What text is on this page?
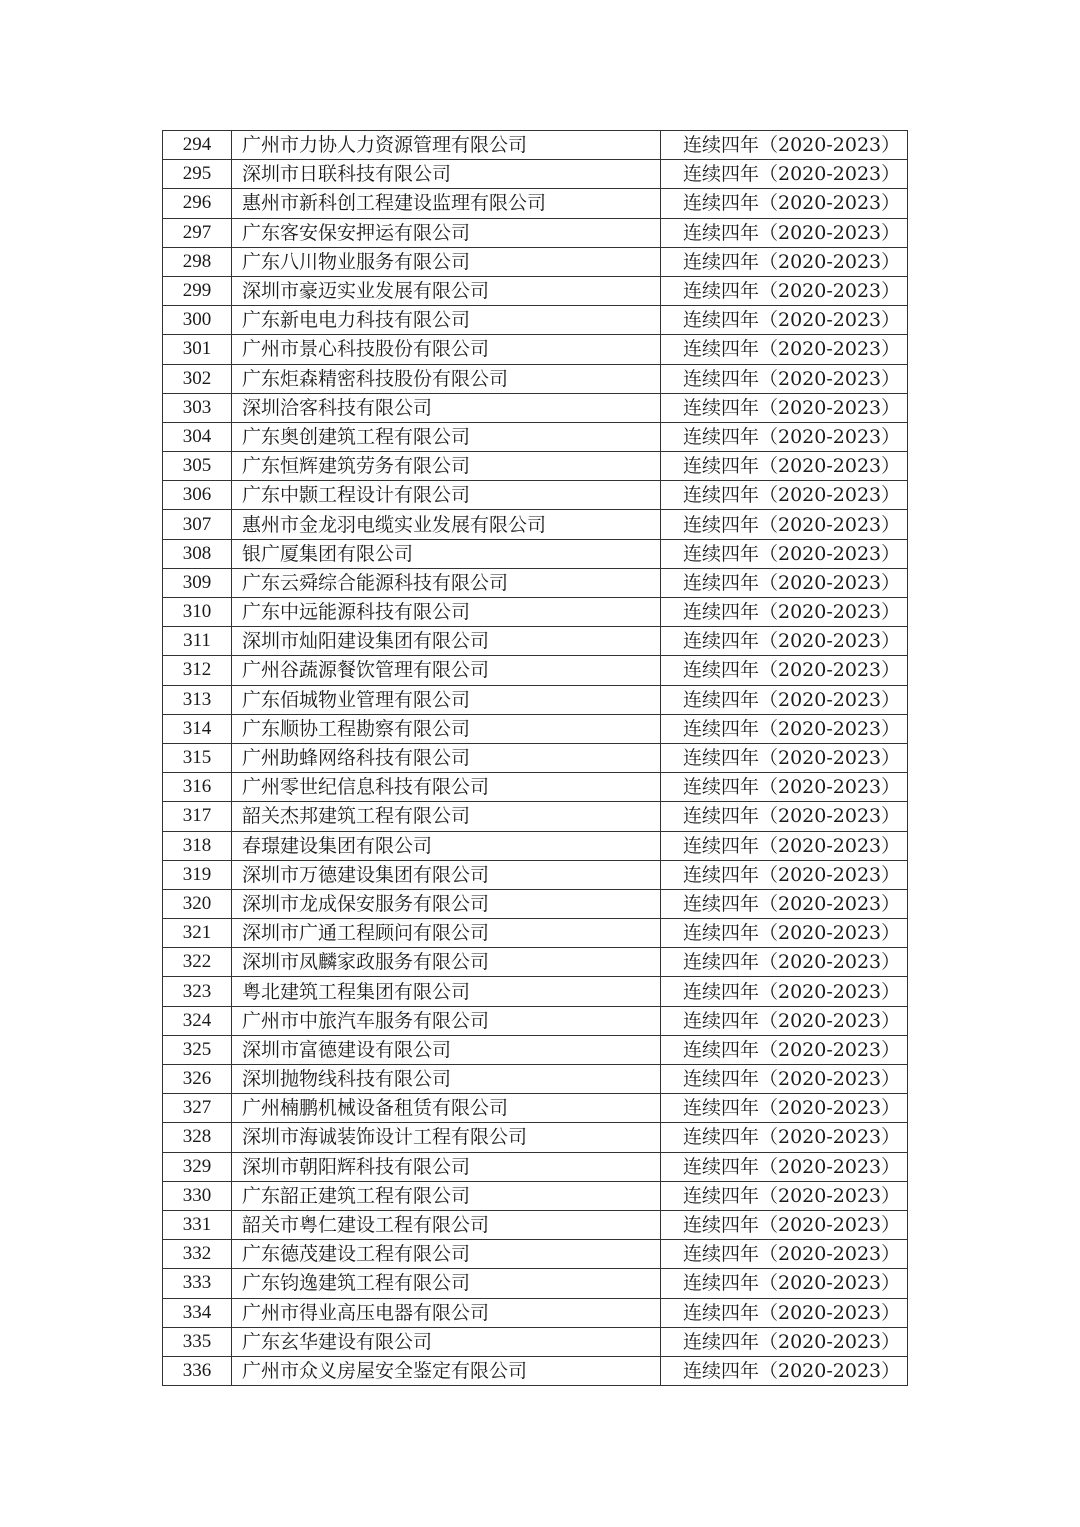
294	广州市力协人力资源管理有限公司	连续四年（2020-2023）
295	深圳市日联科技有限公司	连续四年（2020-2023）
296	惠州市新科创工程建设监理有限公司	连续四年（2020-2023）
297	广东客安保安押运有限公司	连续四年（2020-2023）
298	广东八川物业服务有限公司	连续四年（2020-2023）
299	深圳市豪迈实业发展有限公司	连续四年（2020-2023）
300	广东新电电力科技有限公司	连续四年（2020-2023）
301	广州市景心科技股份有限公司	连续四年（2020-2023）
302	广东炬森精密科技股份有限公司	连续四年（2020-2023）
303	深圳洽客科技有限公司	连续四年（2020-2023）
304	广东奥创建筑工程有限公司	连续四年（2020-2023）
305	广东恒辉建筑劳务有限公司	连续四年（2020-2023）
306	广东中颢工程设计有限公司	连续四年（2020-2023）
307	惠州市金龙羽电缆实业发展有限公司	连续四年（2020-2023）
308	银广厦集团有限公司	连续四年（2020-2023）
309	广东云舜综合能源科技有限公司	连续四年（2020-2023）
310	广东中远能源科技有限公司	连续四年（2020-2023）
311	深圳市灿阳建设集团有限公司	连续四年（2020-2023）
312	广州谷蔬源餐饮管理有限公司	连续四年（2020-2023）
313	广东佰城物业管理有限公司	连续四年（2020-2023）
314	广东顺协工程勘察有限公司	连续四年（2020-2023）
315	广州助蜂网络科技有限公司	连续四年（2020-2023）
316	广州零世纪信息科技有限公司	连续四年（2020-2023）
317	韶关杰邦建筑工程有限公司	连续四年（2020-2023）
318	春璟建设集团有限公司	连续四年（2020-2023）
319	深圳市万德建设集团有限公司	连续四年（2020-2023）
320	深圳市龙成保安服务有限公司	连续四年（2020-2023）
321	深圳市广通工程顾问有限公司	连续四年（2020-2023）
322	深圳市凤麟家政服务有限公司	连续四年（2020-2023）
323	粤北建筑工程集团有限公司	连续四年（2020-2023）
324	广州市中旅汽车服务有限公司	连续四年（2020-2023）
325	深圳市富德建设有限公司	连续四年（2020-2023）
326	深圳抛物线科技有限公司	连续四年（2020-2023）
327	广州楠鹏机械设备租赁有限公司	连续四年（2020-2023）
328	深圳市海诚装饰设计工程有限公司	连续四年（2020-2023）
329	深圳市朝阳辉科技有限公司	连续四年（2020-2023）
330	广东韶正建筑工程有限公司	连续四年（2020-2023）
331	韶关市粤仁建设工程有限公司	连续四年（2020-2023）
332	广东德茂建设工程有限公司	连续四年（2020-2023）
333	广东钧逸建筑工程有限公司	连续四年（2020-2023）
334	广州市得业高压电器有限公司	连续四年（2020-2023）
335	广东玄华建设有限公司	连续四年（2020-2023）
336	广州市众义房屋安全鉴定有限公司	连续四年（2020-2023）
